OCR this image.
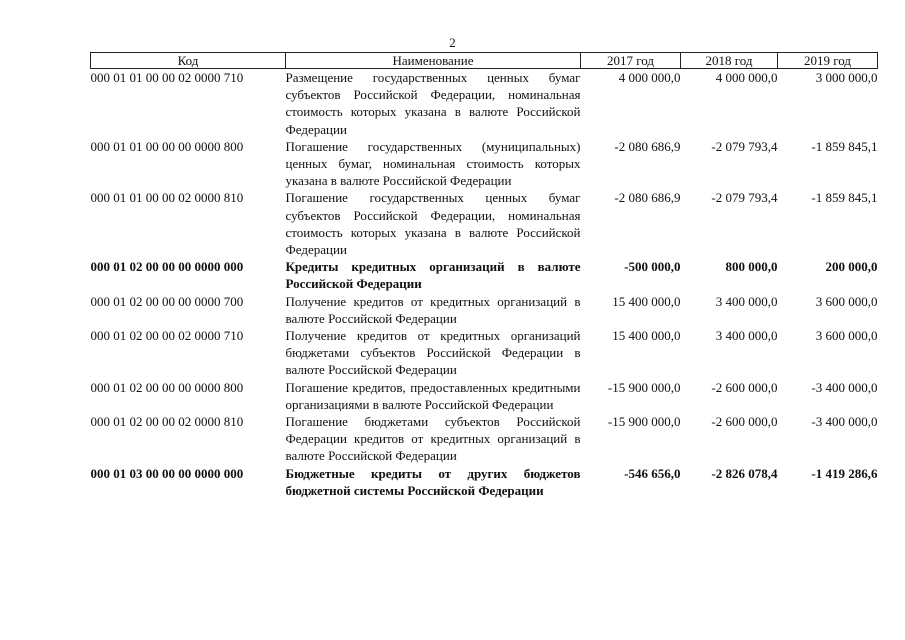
2
Код	Наименование	2017 год	2018 год	2019 год
000 01 01 00 00 02 0000 710	Размещение государственных ценных бумаг субъектов Российской Федерации, номинальная стоимость которых указана в валюте Российской Федерации	4 000 000,0	4 000 000,0	3 000 000,0
000 01 01 00 00 00 0000 800	Погашение государственных (муниципальных) ценных бумаг, номинальная стоимость которых указана в валюте Российской Федерации	-2 080 686,9	-2 079 793,4	-1 859 845,1
000 01 01 00 00 02 0000 810	Погашение государственных ценных бумаг субъектов Российской Федерации, номинальная стоимость которых указана в валюте Российской Федерации	-2 080 686,9	-2 079 793,4	-1 859 845,1
000 01 02 00 00 00 0000 000	Кредиты кредитных организаций в валюте Российской Федерации	-500 000,0	800 000,0	200 000,0
000 01 02 00 00 00 0000 700	Получение кредитов от кредитных организаций в валюте Российской Федерации	15 400 000,0	3 400 000,0	3 600 000,0
000 01 02 00 00 02 0000 710	Получение кредитов от кредитных организаций бюджетами субъектов Российской Федерации в валюте Российской Федерации	15 400 000,0	3 400 000,0	3 600 000,0
000 01 02 00 00 00 0000 800	Погашение кредитов, предоставленных кредитными организациями в валюте Российской Федерации	-15 900 000,0	-2 600 000,0	-3 400 000,0
000 01 02 00 00 02 0000 810	Погашение бюджетами субъектов Российской Федерации кредитов от кредитных организаций в валюте Российской Федерации	-15 900 000,0	-2 600 000,0	-3 400 000,0
000 01 03 00 00 00 0000 000	Бюджетные кредиты от других бюджетов бюджетной системы Российской Федерации	-546 656,0	-2 826 078,4	-1 419 286,6
